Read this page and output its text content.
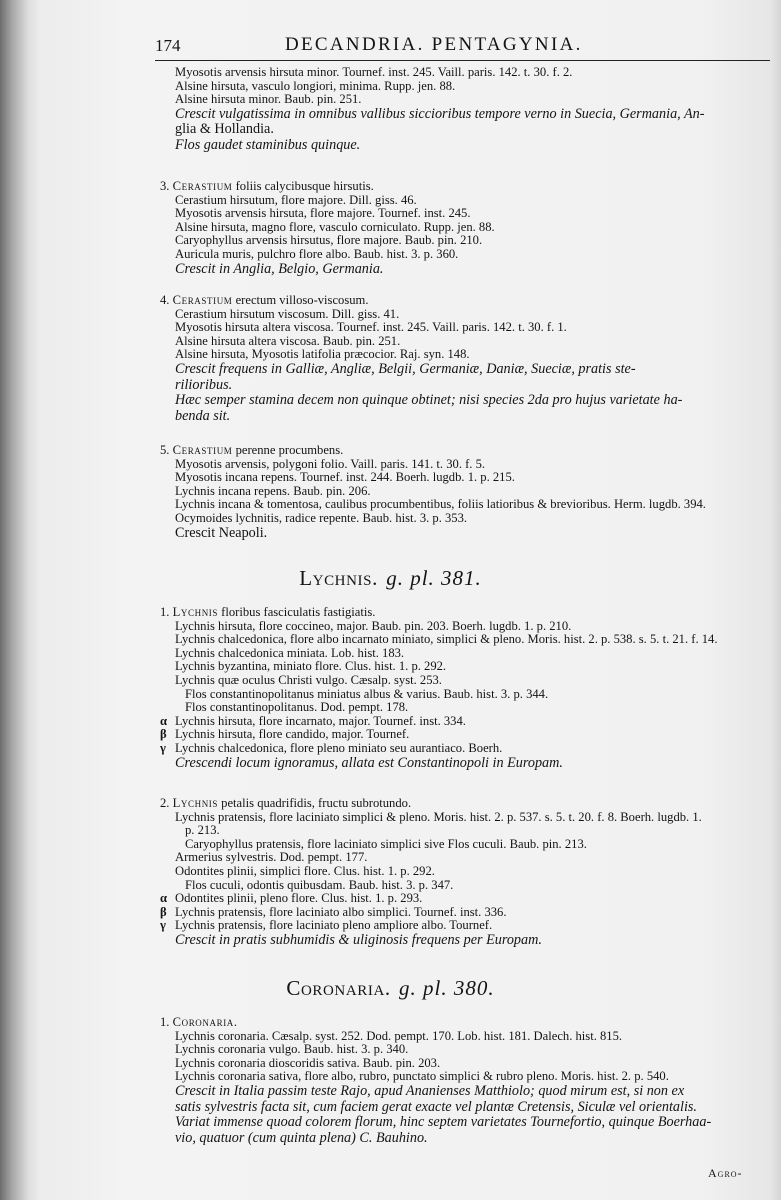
174	DECANDRIA. PENTAGYNIA.
Myosotis arvensis hirsuta minor. Tournef. inst. 245. Vaill. paris. 142. t. 30. f. 2.
Alsine hirsuta, vasculo longiori, minima. Rupp. jen. 88.
Alsine hirsuta minor. Baub. pin. 251.
Crescit vulgatissima in omnibus vallibus siccioribus tempore verno in Suecia, Germania, An-
glia & Hollandia.
Flos gaudet staminibus quinque.
3. Cerastium foliis calycibusque hirsutis.
Cerastium hirsutum, flore majore. Dill. giss. 46.
Myosotis arvensis hirsuta, flore majore. Tournef. inst. 245.
Alsine hirsuta, magno flore, vasculo corniculato. Rupp. jen. 88.
Caryophyllus arvensis hirsutus, flore majore. Baub. pin. 210.
Auricula muris, pulchro flore albo. Baub. hist. 3. p. 360.
Crescit in Anglia, Belgio, Germania.
4. Cerastium erectum villoso-viscosum.
Cerastium hirsutum viscosum. Dill. giss. 41.
Myosotis hirsuta altera viscosa. Tournef. inst. 245. Vaill. paris. 142. t. 30. f. 1.
Alsine hirsuta altera viscosa. Baub. pin. 251.
Alsine hirsuta, Myosotis latifolia præcocior. Raj. syn. 148.
Crescit frequens in Galliæ, Angliæ, Belgii, Germaniæ, Daniæ, Sueciæ, pratis ste-
rilioribus.
Hæc semper stamina decem non quinque obtinet; nisi species 2da pro hujus varietate ha-
benda sit.
5. Cerastium perenne procumbens.
Myosotis arvensis, polygoni folio. Vaill. paris. 141. t. 30. f. 5.
Myosotis incana repens. Tournef. inst. 244. Boerh. lugdb. 1. p. 215.
Lychnis incana repens. Baub. pin. 206.
Lychnis incana & tomentosa, caulibus procumbentibus, foliis latioribus & brevioribus. Herm. lugdb. 394.
Ocymoides lychnitis, radice repente. Baub. hist. 3. p. 353.
Crescit Neapoli.
Lychnis. g. pl. 381.
1. Lychnis floribus fasciculatis fastigiatis.
Lychnis hirsuta, flore coccineo, major. Baub. pin. 203. Boerh. lugdb. 1. p. 210.
Lychnis chalcedonica, flore albo incarnato miniato, simplici & pleno. Moris. hist. 2. p. 538. s. 5. t. 21. f. 14.
Lychnis chalcedonica miniata. Lob. hist. 183.
Lychnis byzantina, miniato flore. Clus. hist. 1. p. 292.
Lychnis quæ oculus Christi vulgo. Cæsalp. syst. 253.
Flos constantinopolitanus miniatus albus & varius. Baub. hist. 3. p. 344.
Flos constantinopolitanus. Dod. pempt. 178.
α Lychnis hirsuta, flore incarnato, major. Tournef. inst. 334.
β Lychnis hirsuta, flore candido, major. Tournef.
γ Lychnis chalcedonica, flore pleno miniato seu aurantiaco. Boerh.
Crescendi locum ignoramus, allata est Constantinopoli in Europam.
2. Lychnis petalis quadrifidis, fructu subrotundo.
Lychnis pratensis, flore laciniato simplici & pleno. Moris. hist. 2. p. 537. s. 5. t. 20. f. 8. Boerh. lugdb. 1.
p. 213.
Caryophyllus pratensis, flore laciniato simplici sive Flos cuculi. Baub. pin. 213.
Armerius sylvestris. Dod. pempt. 177.
Odontites plinii, simplici flore. Clus. hist. 1. p. 292.
Flos cuculi, odontis quibusdam. Baub. hist. 3. p. 347.
α Odontites plinii, pleno flore. Clus. hist. 1. p. 293.
β Lychnis pratensis, flore laciniato albo simplici. Tournef. inst. 336.
γ Lychnis pratensis, flore laciniato pleno ampliore albo. Tournef.
Crescit in pratis subhumidis & uliginosis frequens per Europam.
Coronaria. g. pl. 380.
1. Coronaria.
Lychnis coronaria. Cæsalp. syst. 252. Dod. pempt. 170. Lob. hist. 181. Dalech. hist. 815.
Lychnis coronaria vulgo. Baub. hist. 3. p. 340.
Lychnis coronaria dioscoridis sativa. Baub. pin. 203.
Lychnis coronaria sativa, flore albo, rubro, punctato simplici & rubro pleno. Moris. hist. 2. p. 540.
Crescit in Italia passim teste Rajo, apud Ananienses Matthiolo; quod mirum est, si non ex
satis sylvestris facta sit, cum faciem gerat exacte vel plantæ Cretensis, Siculæ vel orientalis.
Variat immense quoad colorem florum, hinc septem varietates Tournefortio, quinque Boerhaa-
vio, quatuor (cum quinta plena) C. Bauhino.
Agro-
